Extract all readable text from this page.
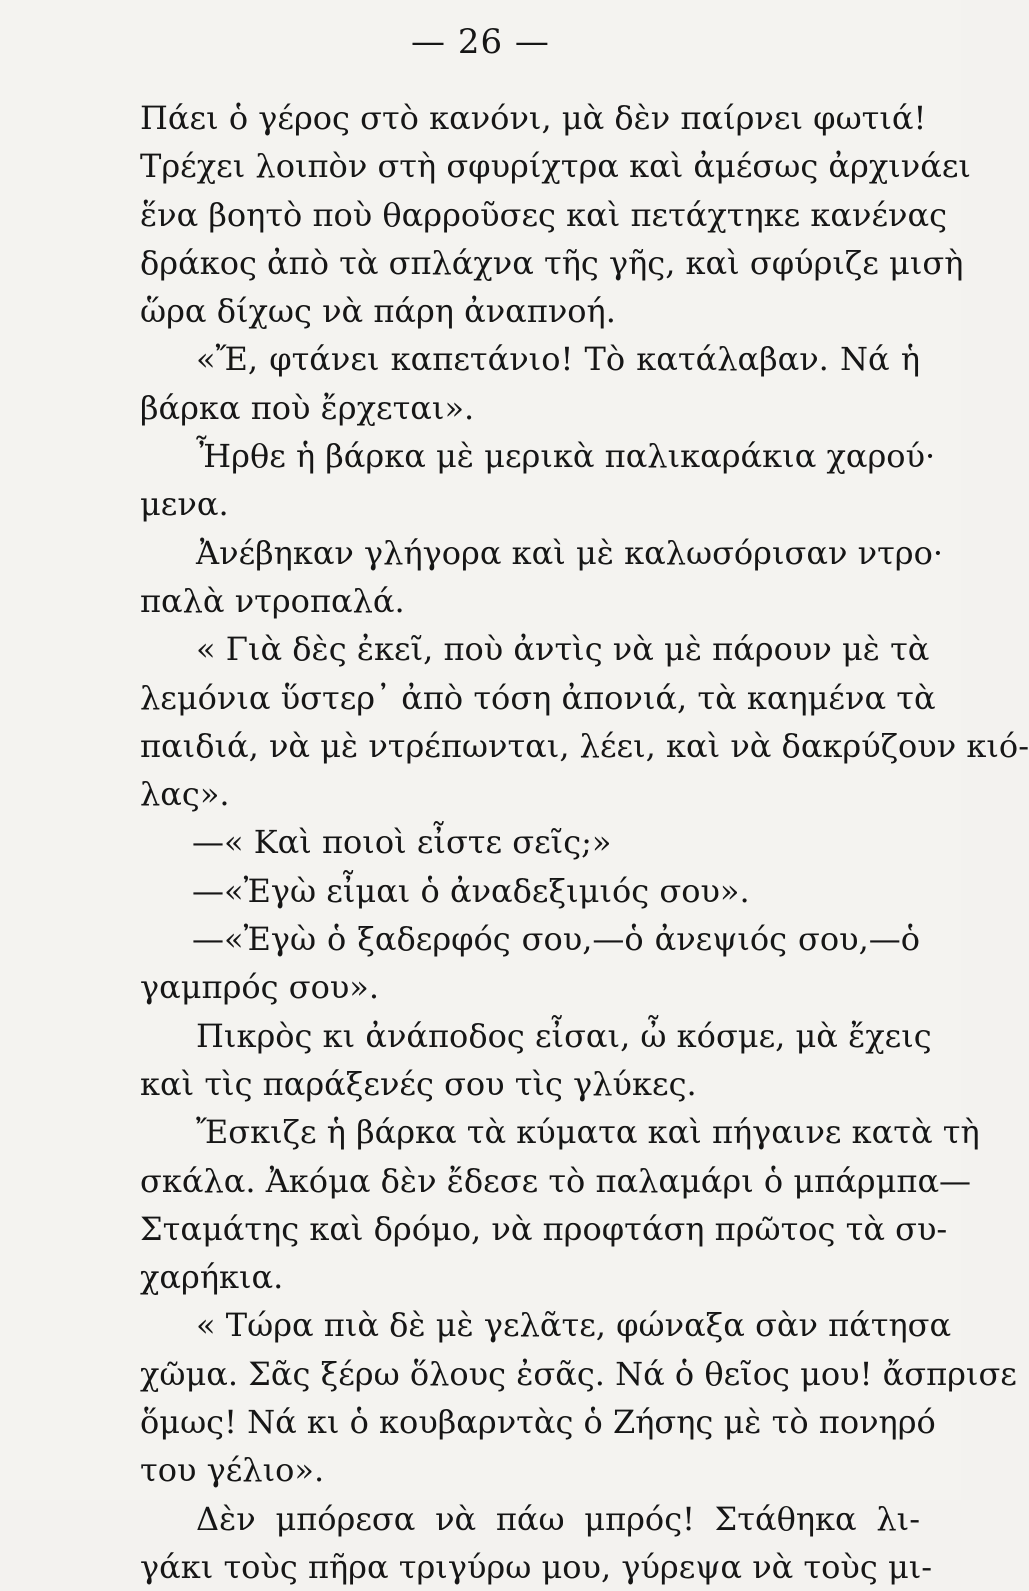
— 26 —
Πάει ὁ γέρος στὸ κανόνι, μὰ δὲν παίρνει φωτιά!
Τρέχει λοιπὸν στὴ σφυρίχτρα καὶ ἀμέσως ἀρχινάει
ἕνα βοητὸ ποὺ θαρροῦσες καὶ πετάχτηκε κανένας
δράκος ἀπὸ τὰ σπλάχνα τῆς γῆς, καὶ σφύριζε μισὴ
ὥρα δίχως νὰ πάρη ἀναπνοή.
«Ἔ, φτάνει καπετάνιο! Τὸ κατάλαβαν. Νά ἡ
βάρκα ποὺ ἔρχεται».
Ἦρθε ἡ βάρκα μὲ μερικὰ παλικαράκια χαρού·
μενα.
Ἀνέβηκαν γλήγορα καὶ μὲ καλωσόρισαν ντρο·
παλὰ ντροπαλά.
« Γιὰ δὲς ἐκεῖ, ποὺ ἀντὶς νὰ μὲ πάρουν μὲ τὰ
λεμόνια ὕστερ᾽ ἀπὸ τόση ἀπονιά, τὰ καημένα τὰ
παιδιά, νὰ μὲ ντρέπωνται, λέει, καὶ νὰ δακρύζουν κιό-
λας».
—« Καὶ ποιοὶ εἶστε σεῖς;»
—«Ἐγὼ εἶμαι ὁ ἀναδεξιμιός σου».
—«Ἐγὼ ὁ ξαδερφός σου,—ὁ ἀνεψιός σου,—ὁ
γαμπρός σου».
Πικρὸς κι ἀνάποδος εἶσαι, ὦ κόσμε, μὰ ἔχεις
καὶ τὶς παράξενές σου τὶς γλύκες.
Ἔσκιζε ἡ βάρκα τὰ κύματα καὶ πήγαινε κατὰ τὴ
σκάλα. Ἀκόμα δὲν ἔδεσε τὸ παλαμάρι ὁ μπάρμπα—
Σταμάτης καὶ δρόμο, νὰ προφτάση πρῶτος τὰ συ-
χαρήκια.
« Τώρα πιὰ δὲ μὲ γελᾶτε, φώναξα σὰν πάτησα
χῶμα. Σᾶς ξέρω ὅλους ἐσᾶς. Νά ὁ θεῖος μου! ἄσπρισε
ὅμως! Νά κι ὁ κουβαρντὰς ὁ Ζήσης μὲ τὸ πονηρό
του γέλιο».
Δὲν μπόρεσα νὰ πάω μπρός! Στάθηκα λι-
γάκι τοὺς πῆρα τριγύρω μου, γύρεψα νὰ τοὺς μι-
